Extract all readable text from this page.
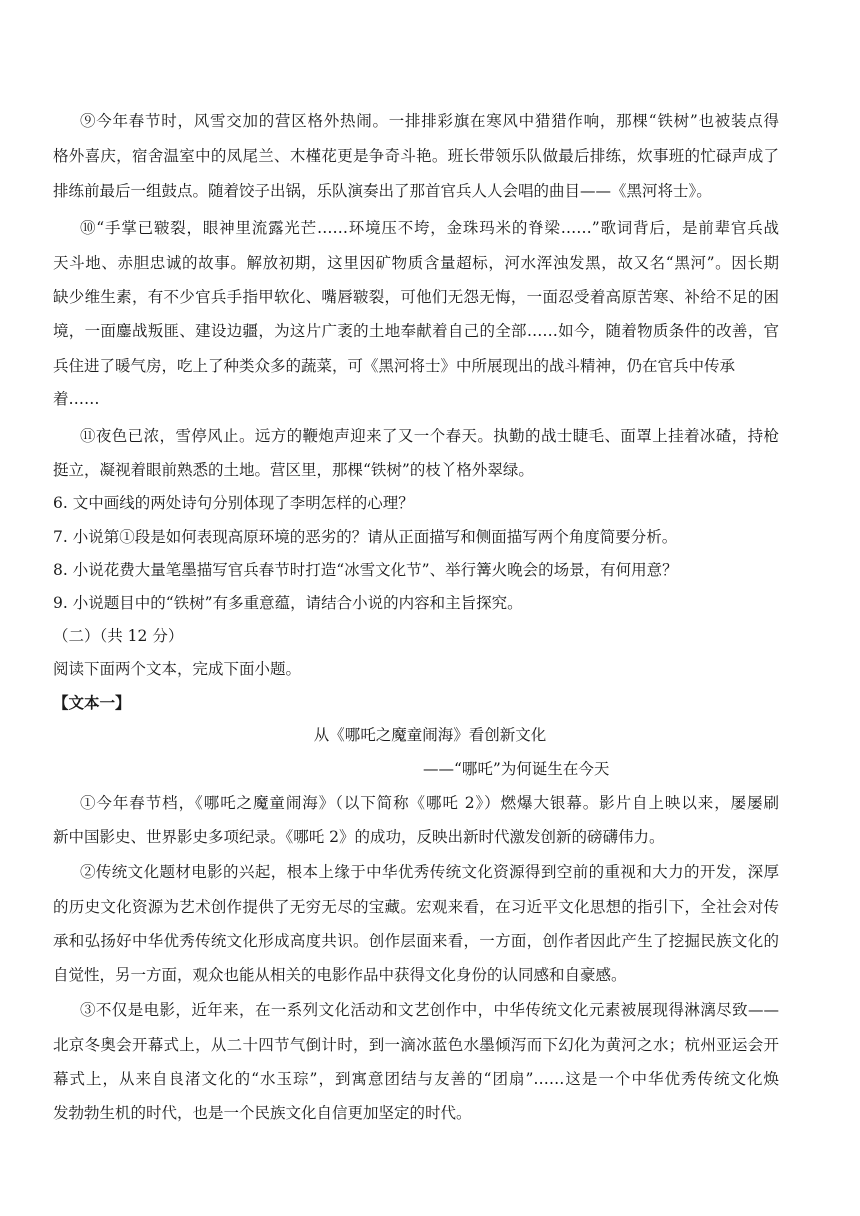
⑨今年春节时，风雪交加的营区格外热闹。一排排彩旗在寒风中猎猎作响，那棵“铁树”也被装点得
格外喜庆，宿舍温室中的凤尾兰、木槿花更是争奇斗艳。班长带领乐队做最后排练，炊事班的忙碌声成了
排练前最后一组鼓点。随着饺子出锅，乐队演奏出了那首官兵人人会唱的曲目——《黑河将士》。
⑩“手掌已皲裂，眼神里流露光芒……环境压不垮，金珠玛米的脊梁……”歌词背后，是前辈官兵战
天斗地、赤胆忠诚的故事。解放初期，这里因矿物质含量超标，河水浑浊发黑，故又名“黑河”。因长期
缺少维生素，有不少官兵手指甲软化、嘴唇皲裂，可他们无怨无悔，一面忍受着高原苦寒、补给不足的困
境，一面鏖战叛匪、建设边疆，为这片广袤的土地奉献着自己的全部……如今，随着物质条件的改善，官
兵住进了暖气房，吃上了种类众多的蔬菜，可《黑河将士》中所展现出的战斗精神，仍在官兵中传承
着……
⑪夜色已浓，雪停风止。远方的鞭炮声迎来了又一个春天。执勤的战士睫毛、面罩上挂着冰碴，持枪
挺立，凝视着眼前熟悉的土地。营区里，那棵“铁树”的枝丫格外翠绿。
6. 文中画线的两处诗句分别体现了李明怎样的心理？
7. 小说第①段是如何表现高原环境的恶劣的？请从正面描写和侧面描写两个角度简要分析。
8. 小说花费大量笔墨描写官兵春节时打造“冰雪文化节”、举行篝火晚会的场景，有何用意？
9. 小说题目中的“铁树”有多重意蕴，请结合小说的内容和主旨探究。
（二）（共 12 分）
阅读下面两个文本，完成下面小题。
【文本一】
从《哪吒之魔童闹海》看创新文化
——“哪吒”为何诞生在今天
①今年春节档，《哪吒之魔童闹海》（以下简称《哪吒 2》）燃爆大银幕。影片自上映以来，屡屡刷
新中国影史、世界影史多项纪录。《哪吒 2》的成功，反映出新时代激发创新的磅礴伟力。
②传统文化题材电影的兴起，根本上缘于中华优秀传统文化资源得到空前的重视和大力的开发，深厚
的历史文化资源为艺术创作提供了无穷无尽的宝藏。宏观来看，在习近平文化思想的指引下，全社会对传
承和弘扬好中华优秀传统文化形成高度共识。创作层面来看，一方面，创作者因此产生了挖掘民族文化的
自觉性，另一方面，观众也能从相关的电影作品中获得文化身份的认同感和自豪感。
③不仅是电影，近年来，在一系列文化活动和文艺创作中，中华传统文化元素被展现得淋漓尽致——
北京冬奥会开幕式上，从二十四节气倒计时，到一滴冰蓝色水墨倾泻而下幻化为黄河之水；杭州亚运会开
幕式上，从来自良渚文化的“水玉琮”，到寓意团结与友善的“团扇”……这是一个中华优秀传统文化焕
发勃勃生机的时代，也是一个民族文化自信更加坚定的时代。
